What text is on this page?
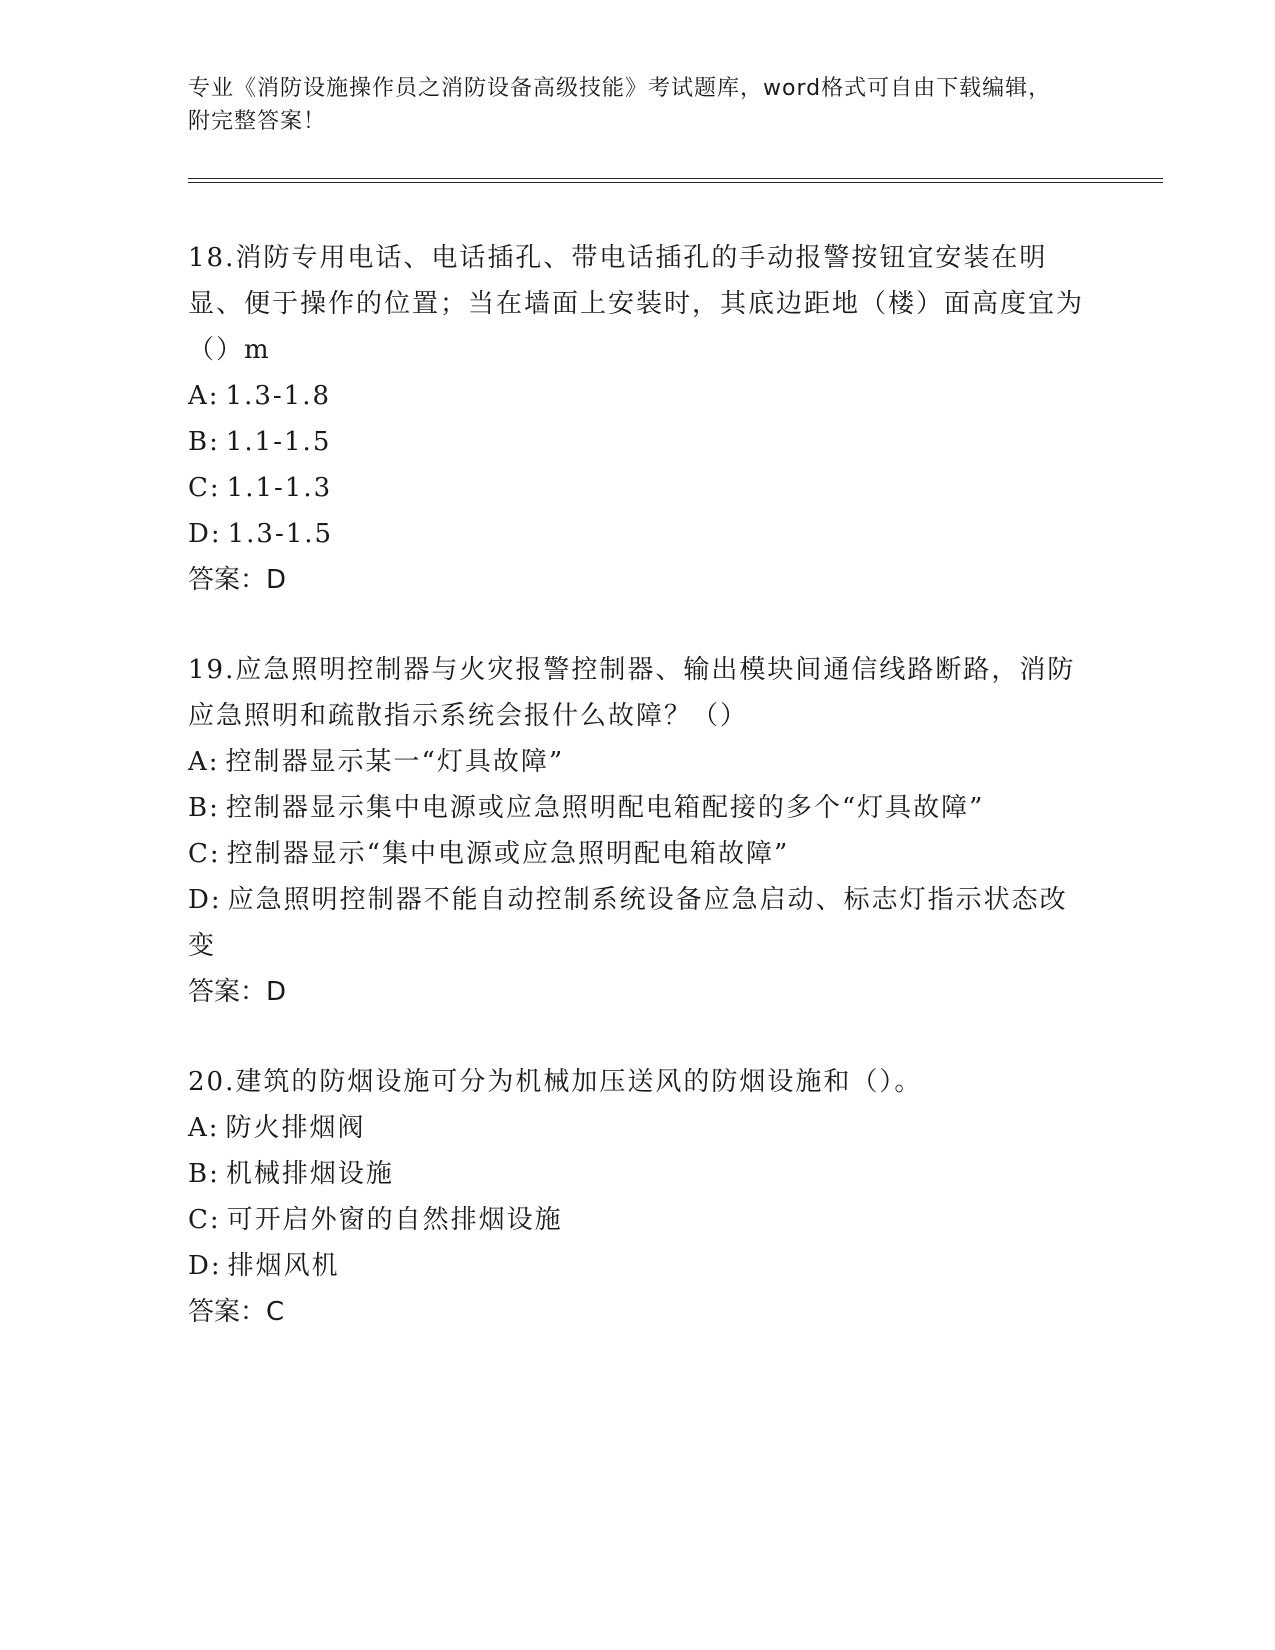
专业《消防设施操作员之消防设备高级技能》考试题库，word格式可自由下载编辑，附完整答案！

18.消防专用电话、电话插孔、带电话插孔的手动报警按钮宜安装在明显、便于操作的位置；当在墙面上安装时，其底边距地（楼）面高度宜为（）m

A: 1.3-1.8

B: 1.1-1.5

C: 1.1-1.3

D: 1.3-1.5

答案：D

19.应急照明控制器与火灾报警控制器、输出模块间通信线路断路，消防应急照明和疏散指示系统会报什么故障？（）

A: 控制器显示某一“灯具故障”

B: 控制器显示集中电源或应急照明配电箱配接的多个“灯具故障”

C: 控制器显示“集中电源或应急照明配电箱故障”

D: 应急照明控制器不能自动控制系统设备应急启动、标志灯指示状态改变

答案：D

20.建筑的防烟设施可分为机械加压送风的防烟设施和（）。

A: 防火排烟阀

B: 机械排烟设施

C: 可开启外窗的自然排烟设施

D: 排烟风机

答案：C
